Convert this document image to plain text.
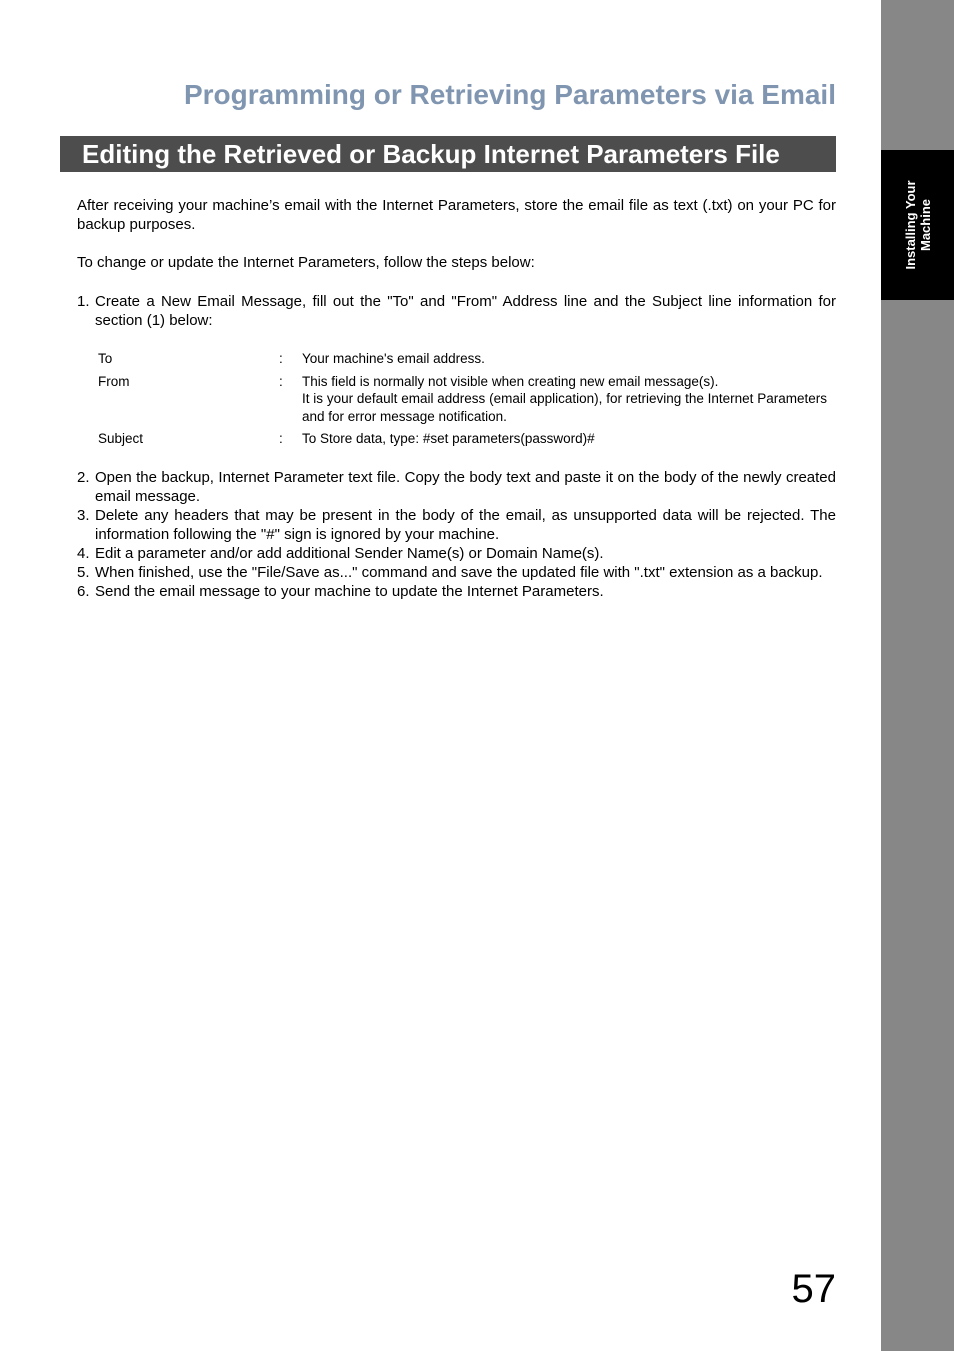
Installing Your Machine
Programming or Retrieving Parameters via Email
Editing the Retrieved or Backup Internet Parameters File

After receiving your machine’s email with the Internet Parameters, store the email file as text (.txt) on your PC for backup purposes.

To change or update the Internet Parameters, follow the steps below:

1. Create a New Email Message, fill out the "To" and "From" Address line and the Subject line information for section (1) below:
To	:	Your machine's email address.
From	:	This field is normally not visible when creating new email message(s).
It is your default email address (email application), for retrieving the Internet Parameters and for error message notification.
Subject	:	To Store data, type: #set parameters(password)#
2. Open the backup, Internet Parameter text file. Copy the body text and paste it on the body of the newly created email message.
3. Delete any headers that may be present in the body of the email, as unsupported data will be rejected. The information following the "#" sign is ignored by your machine.
4. Edit a parameter and/or add additional Sender Name(s) or Domain Name(s).
5. When finished, use the "File/Save as..." command and save the updated file with ".txt" extension as a backup.
6. Send the email message to your machine to update the Internet Parameters.
57
